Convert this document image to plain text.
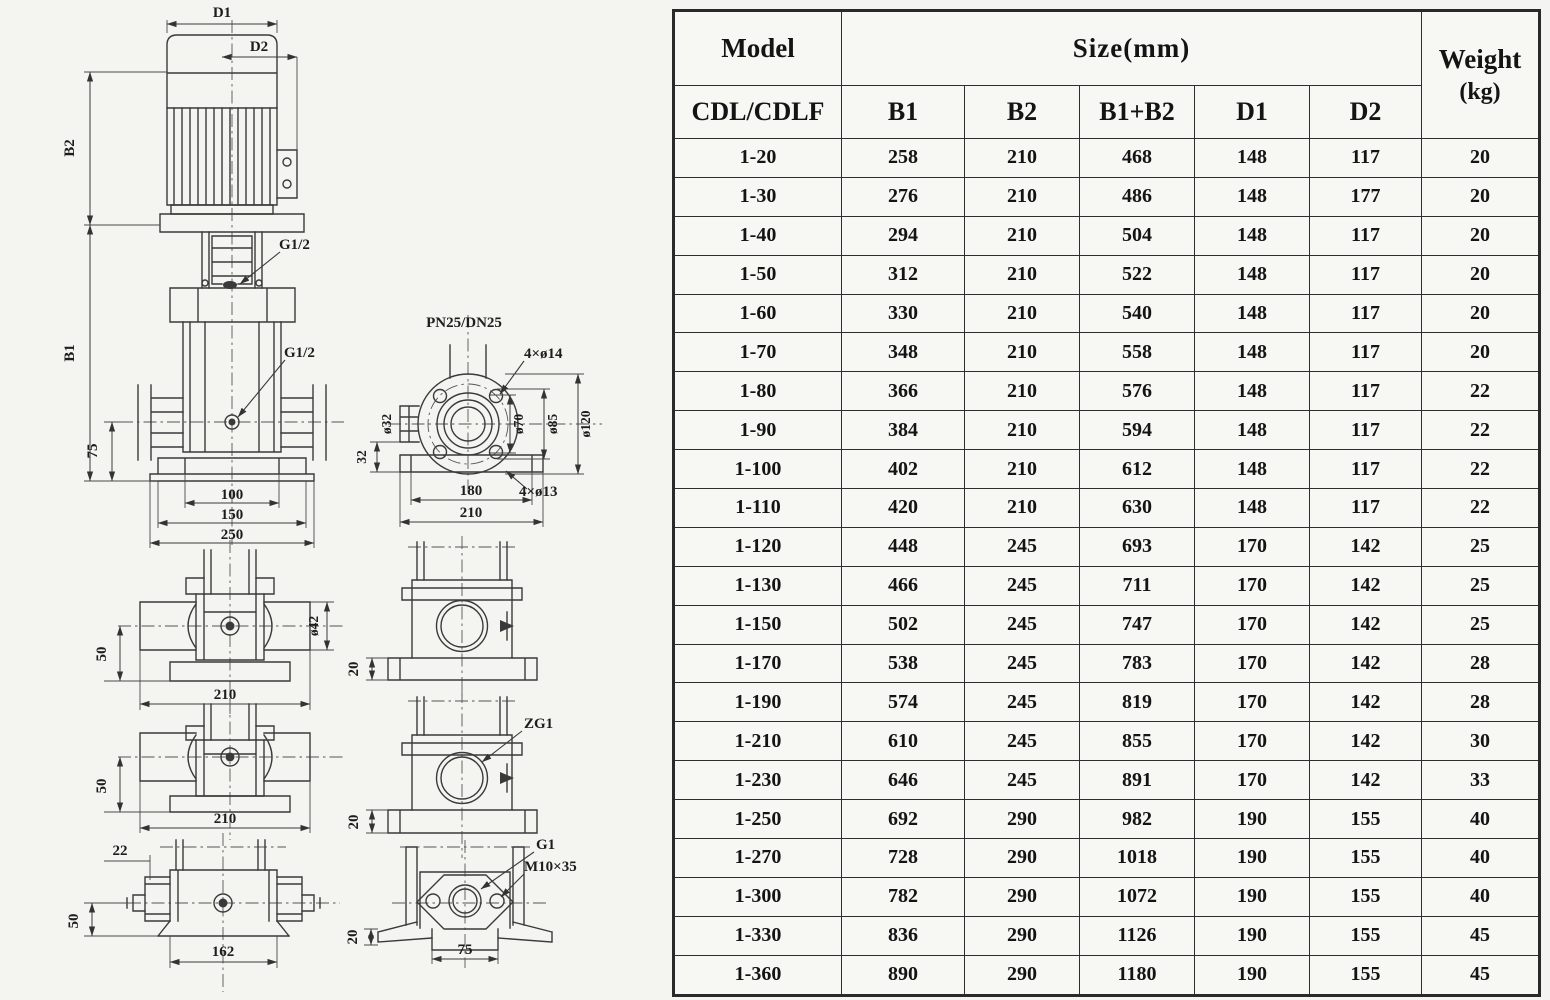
D1
D2
B2
B1
G1/2
G1/2
75
100
150
250
PN25/DN25
4×ø14
ø32
32
ø70 ø85 ø120
4×ø13
180
210
50
210
ø42
20
50
210
ZG1
20
22
50
162
G1
M10×35
75
20
Model	Size(mm)					Weight
(kg)

CDL/CDLF	B1	B2	B1+B2	D1	D2	
1-20	258	210	468	148	117	20
1-30	276	210	486	148	177	20
1-40	294	210	504	148	117	20
1-50	312	210	522	148	117	20
1-60	330	210	540	148	117	20
1-70	348	210	558	148	117	20
1-80	366	210	576	148	117	22
1-90	384	210	594	148	117	22
1-100	402	210	612	148	117	22
1-110	420	210	630	148	117	22
1-120	448	245	693	170	142	25
1-130	466	245	711	170	142	25
1-150	502	245	747	170	142	25
1-170	538	245	783	170	142	28
1-190	574	245	819	170	142	28
1-210	610	245	855	170	142	30
1-230	646	245	891	170	142	33
1-250	692	290	982	190	155	40
1-270	728	290	1018	190	155	40
1-300	782	290	1072	190	155	40
1-330	836	290	1126	190	155	45
1-360	890	290	1180	190	155	45
